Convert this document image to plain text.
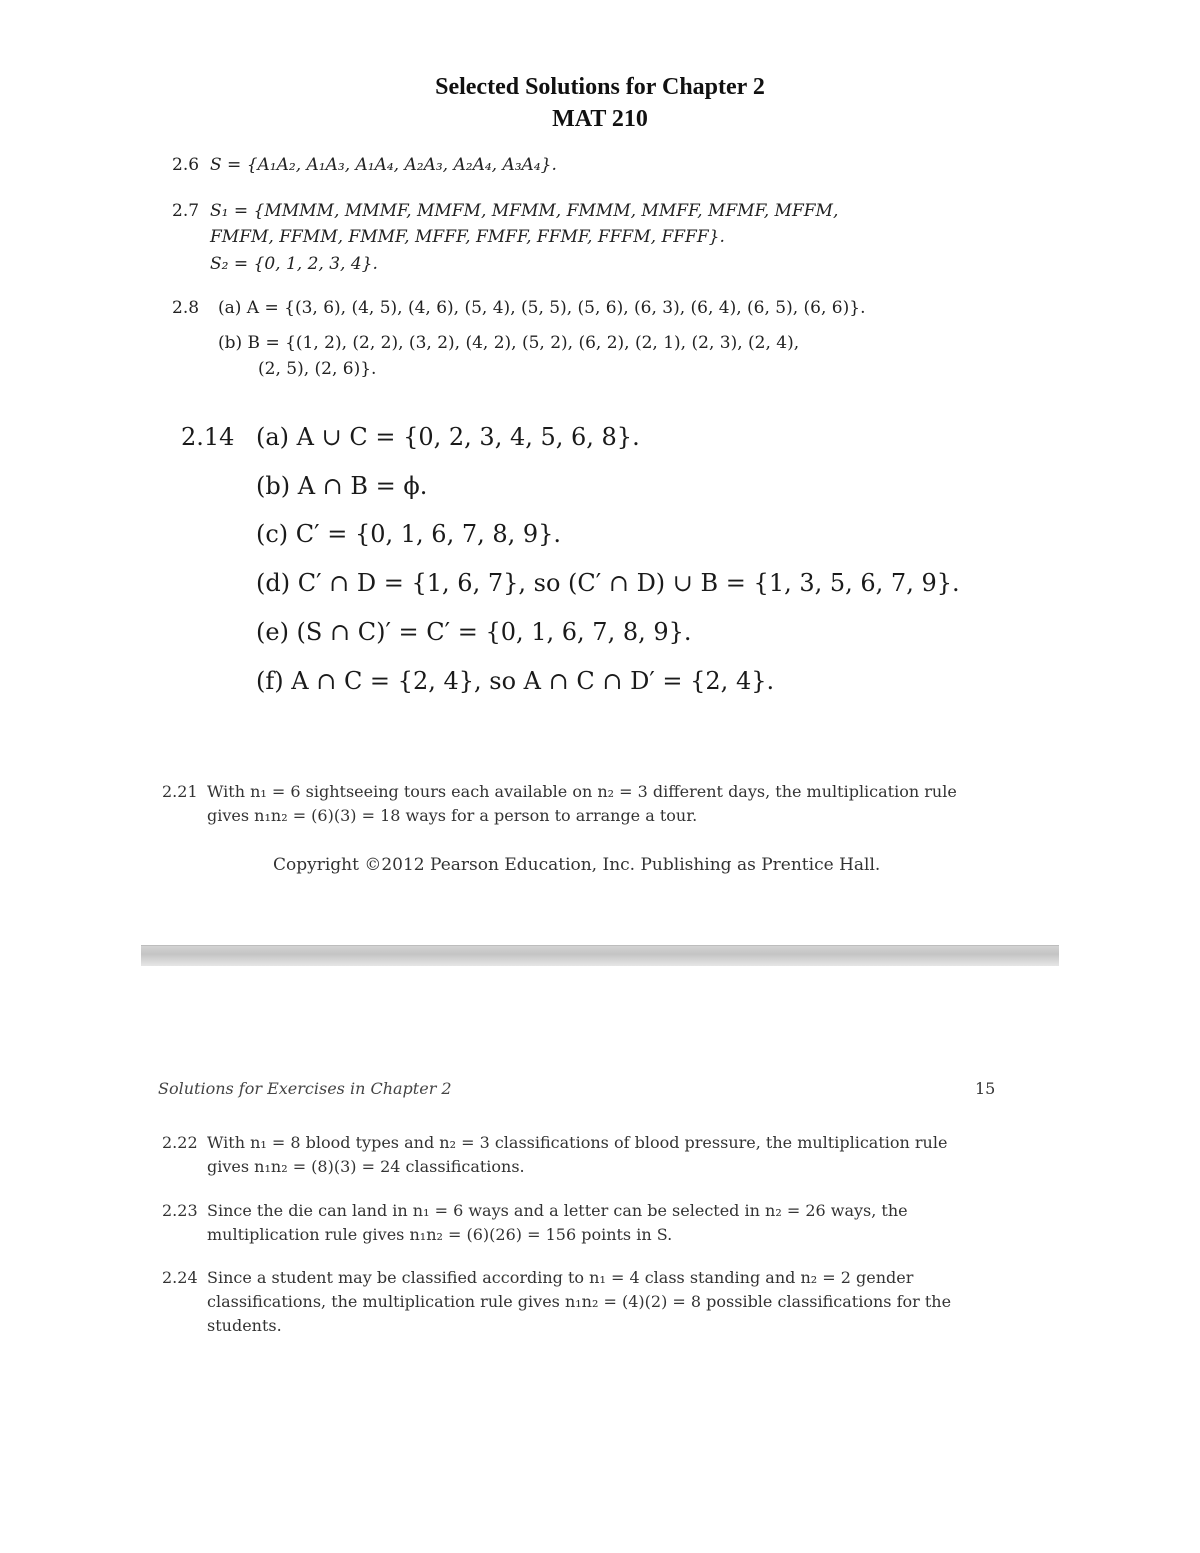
Selected Solutions for Chapter 2
MAT 210
2.6 S = {A₁A₂, A₁A₃, A₁A₄, A₂A₃, A₂A₄, A₃A₄}.
2.7 S₁ = {MMMM, MMMF, MMFM, MFMM, FMMM, MMFF, MFMF, MFFM,
FMFM, FFMM, FMMF, MFFF, FMFF, FFMF, FFFM, FFFF}.
S₂ = {0, 1, 2, 3, 4}.
2.8 (a) A = {(3, 6), (4, 5), (4, 6), (5, 4), (5, 5), (5, 6), (6, 3), (6, 4), (6, 5), (6, 6)}.
(b) B = {(1, 2), (2, 2), (3, 2), (4, 2), (5, 2), (6, 2), (2, 1), (2, 3), (2, 4),
(2, 5), (2, 6)}.
2.14 (a) A ∪ C = {0, 2, 3, 4, 5, 6, 8}.
(b) A ∩ B = ϕ.
(c) C′ = {0, 1, 6, 7, 8, 9}.
(d) C′ ∩ D = {1, 6, 7}, so (C′ ∩ D) ∪ B = {1, 3, 5, 6, 7, 9}.
(e) (S ∩ C)′ = C′ = {0, 1, 6, 7, 8, 9}.
(f) A ∩ C = {2, 4}, so A ∩ C ∩ D′ = {2, 4}.
2.21 With n₁ = 6 sightseeing tours each available on n₂ = 3 different days, the multiplication rule
gives n₁n₂ = (6)(3) = 18 ways for a person to arrange a tour.
Copyright ©2012 Pearson Education, Inc. Publishing as Prentice Hall.
Solutions for Exercises in Chapter 2	15
2.22 With n₁ = 8 blood types and n₂ = 3 classifications of blood pressure, the multiplication rule
gives n₁n₂ = (8)(3) = 24 classifications.
2.23 Since the die can land in n₁ = 6 ways and a letter can be selected in n₂ = 26 ways, the
multiplication rule gives n₁n₂ = (6)(26) = 156 points in S.
2.24 Since a student may be classified according to n₁ = 4 class standing and n₂ = 2 gender
classifications, the multiplication rule gives n₁n₂ = (4)(2) = 8 possible classifications for the
students.
